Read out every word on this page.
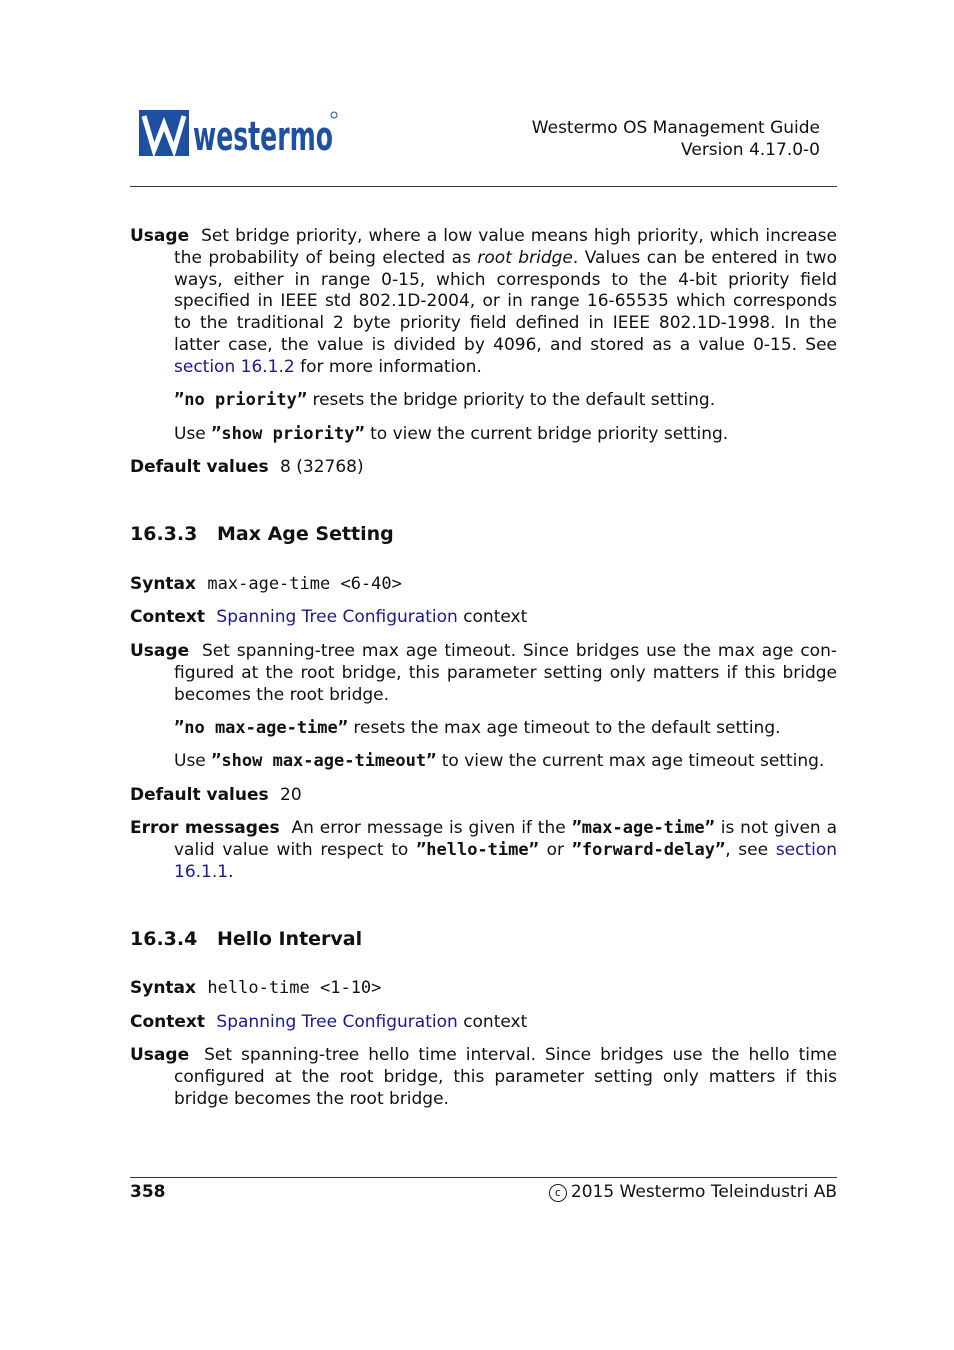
westermo	Westermo OS Management Guide
Version 4.17.0-0
Usage Set bridge priority, where a low value means high priority, which increase the probability of being elected as root bridge. Values can be entered in two ways, either in range 0-15, which corresponds to the 4-bit priority field specified in IEEE std 802.1D-2004, or in range 16-65535 which corresponds to the traditional 2 byte priority field defined in IEEE 802.1D-1998. In the latter case, the value is divided by 4096, and stored as a value 0-15. See section 16.1.2 for more information.
”no priority” resets the bridge priority to the default setting.
Use ”show priority” to view the current bridge priority setting.
Default values 8 (32768)
16.3.3 Max Age Setting
Syntax max-age-time <6-40>
Context Spanning Tree Configuration context
Usage Set spanning-tree max age timeout. Since bridges use the max age con-figured at the root bridge, this parameter setting only matters if this bridge becomes the root bridge.
”no max-age-time” resets the max age timeout to the default setting.
Use ”show max-age-timeout” to view the current max age timeout setting.
Default values 20
Error messages An error message is given if the ”max-age-time” is not given a valid value with respect to ”hello-time” or ”forward-delay”, see section 16.1.1.
16.3.4 Hello Interval
Syntax hello-time <1-10>
Context Spanning Tree Configuration context
Usage Set spanning-tree hello time interval. Since bridges use the hello time configured at the root bridge, this parameter setting only matters if this bridge becomes the root bridge.
358	c 2015 Westermo Teleindustri AB
